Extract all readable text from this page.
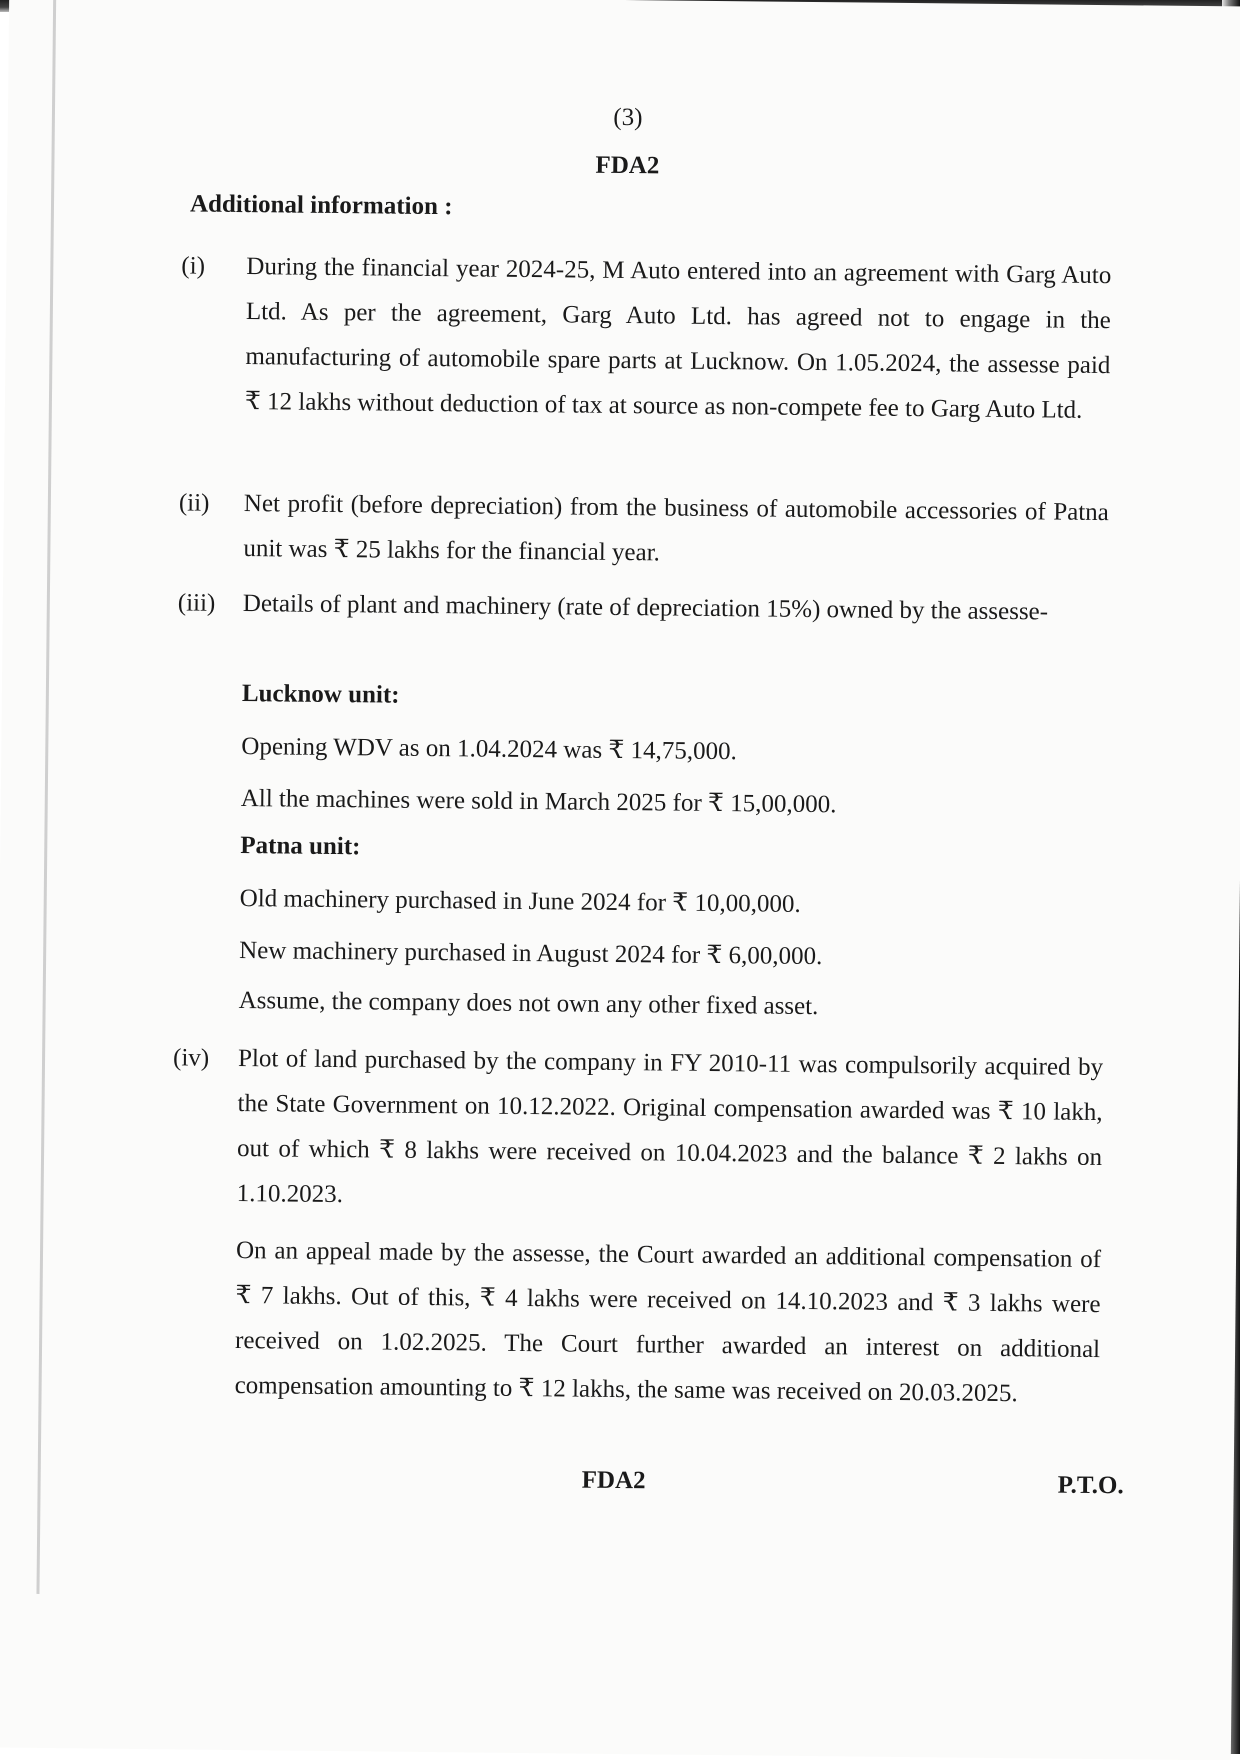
(3)
FDA2
Additional information :
(i)	During the financial year 2024-25, M Auto entered into an agreement with Garg Auto Ltd. As per the agreement, Garg Auto Ltd. has agreed not to engage in the manufacturing of automobile spare parts at Lucknow. On 1.05.2024, the assesse paid ₹ 12 lakhs without deduction of tax at source as non-compete fee to Garg Auto Ltd.

(ii)	Net profit (before depreciation) from the business of automobile accessories of Patna unit was ₹ 25 lakhs for the financial year.

(iii)	Details of plant and machinery (rate of depreciation 15%) owned by the assesse-

Lucknow unit:
Opening WDV as on 1.04.2024 was ₹ 14,75,000.
All the machines were sold in March 2025 for ₹ 15,00,000.
Patna unit:
Old machinery purchased in June 2024 for ₹ 10,00,000.
New machinery purchased in August 2024 for ₹ 6,00,000.
Assume, the company does not own any other fixed asset.
(iv)	Plot of land purchased by the company in FY 2010-11 was compulsorily acquired by the State Government on 10.12.2022. Original compensation awarded was ₹ 10 lakh, out of which ₹ 8 lakhs were received on 10.04.2023 and the balance ₹ 2 lakhs on 1.10.2023.

On an appeal made by the assesse, the Court awarded an additional compensation of ₹ 7 lakhs. Out of this, ₹ 4 lakhs were received on 14.10.2023 and ₹ 3 lakhs were received on 1.02.2025. The Court further awarded an interest on additional compensation amounting to ₹ 12 lakhs, the same was received on 20.03.2025.

FDA2	P.T.O.
